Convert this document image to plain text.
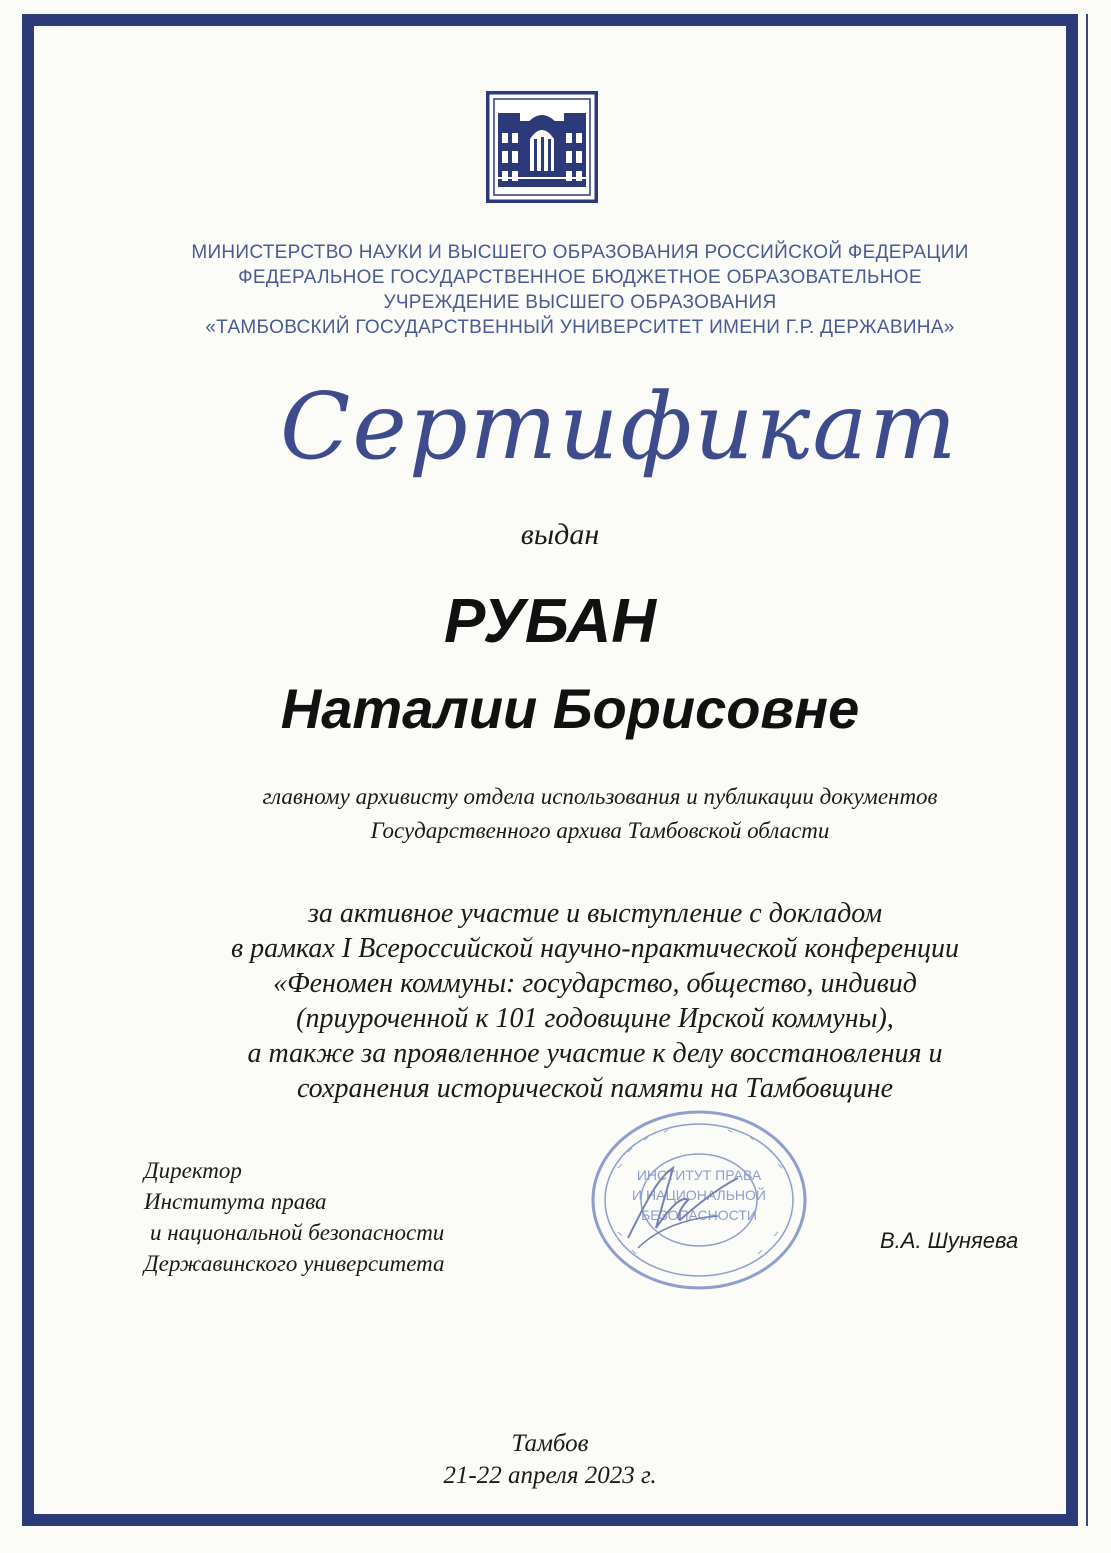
МИНИСТЕРСТВО НАУКИ И ВЫСШЕГО ОБРАЗОВАНИЯ РОССИЙСКОЙ ФЕДЕРАЦИИ
ФЕДЕРАЛЬНОЕ ГОСУДАРСТВЕННОЕ БЮДЖЕТНОЕ ОБРАЗОВАТЕЛЬНОЕ
УЧРЕЖДЕНИЕ ВЫСШЕГО ОБРАЗОВАНИЯ
«ТАМБОВСКИЙ ГОСУДАРСТВЕННЫЙ УНИВЕРСИТЕТ ИМЕНИ Г.Р. ДЕРЖАВИНА»
Сертификат
выдан
РУБАН
Наталии Борисовне
главному архивисту отдела использования и публикации документов
Государственного архива Тамбовской области
за активное участие и выступление с докладом
в рамках I Всероссийской научно-практической конференции
«Феномен коммуны: государство, общество, индивид
(приуроченной к 101 годовщине Ирской коммуны),
а также за проявленное участие к делу восстановления и
сохранения исторической памяти на Тамбовщине
Директор
Института права
и национальной безопасности
Державинского университета
ИНСТИТУТ ПРАВА
И НАЦИОНАЛЬНОЙ
БЕЗОПАСНОСТИ
В.А. Шуняева
Тамбов
21-22 апреля 2023 г.
